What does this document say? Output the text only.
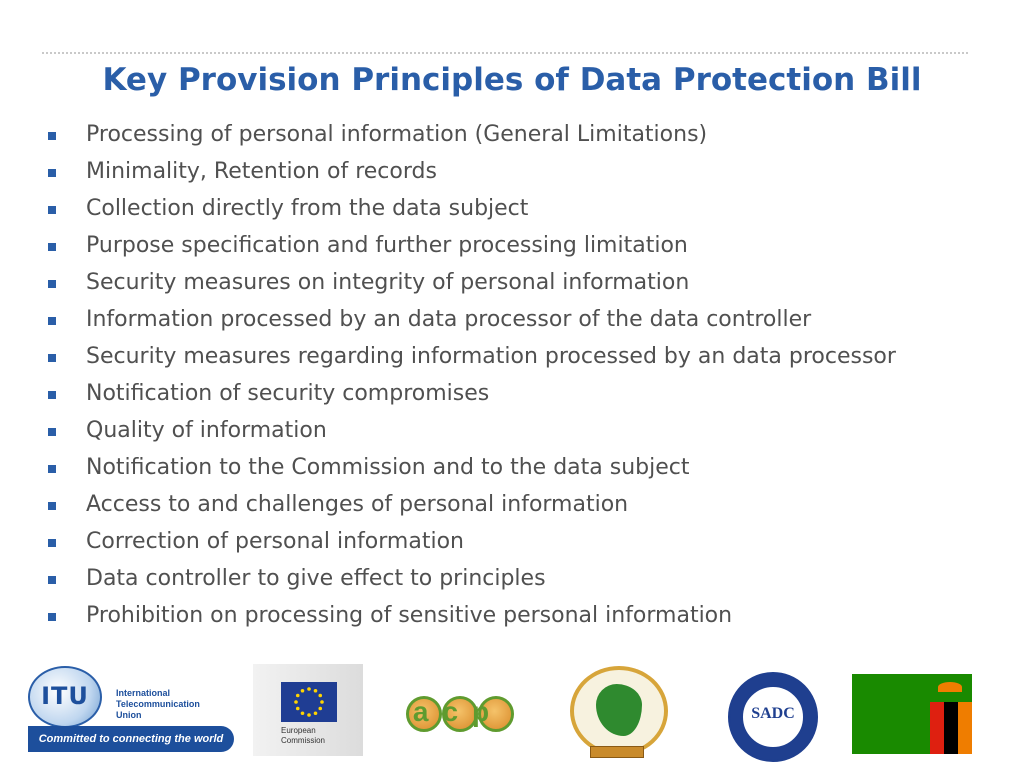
Key Provision Principles of Data Protection Bill
Processing of personal information (General Limitations)
Minimality, Retention of records
Collection directly from the data subject
Purpose specification and further processing limitation
Security measures on integrity of personal information
Information processed by an data processor of the data controller
Security measures regarding information processed by an data processor
Notification of security compromises
Quality of information
Notification to the Commission and to the data subject
Access to and challenges of personal information
Correction of personal information
Data controller to give effect to principles
Prohibition on processing of sensitive personal information
ITU	International
Telecommunication
Union
Committed to connecting the world
European
Commission
acp	SADC
